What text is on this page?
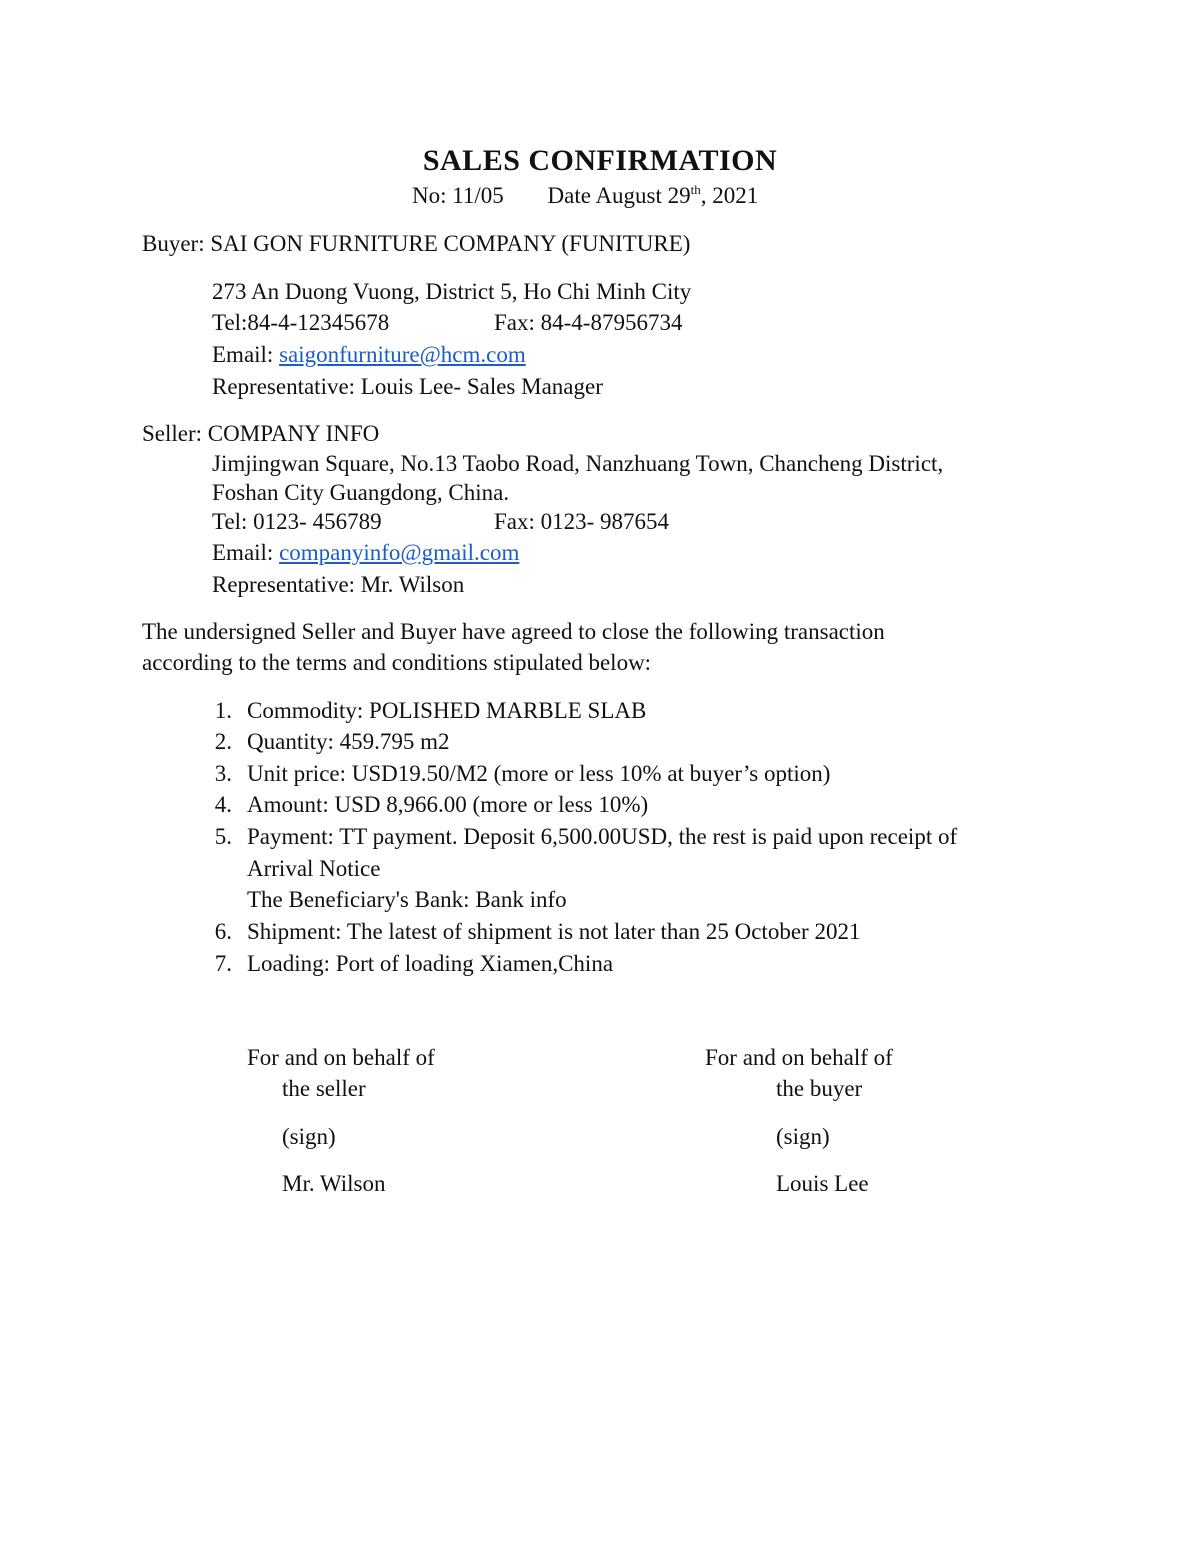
SALES CONFIRMATION
No: 11/05 Date August 29th, 2021
Buyer: SAI GON FURNITURE COMPANY (FUNITURE)
273 An Duong Vuong, District 5, Ho Chi Minh City
Tel:84-4-12345678	Fax: 84-4-87956734
Email: saigonfurniture@hcm.com
Representative: Louis Lee- Sales Manager
Seller: COMPANY INFO
Jimjingwan Square, No.13 Taobo Road, Nanzhuang Town, Chancheng District,
Foshan City Guangdong, China.
Tel: 0123- 456789	Fax: 0123- 987654
Email: companyinfo@gmail.com
Representative: Mr. Wilson
The undersigned Seller and Buyer have agreed to close the following transaction
according to the terms and conditions stipulated below:
1. Commodity: POLISHED MARBLE SLAB
2. Quantity: 459.795 m2
3. Unit price: USD19.50/M2 (more or less 10% at buyer’s option)
4. Amount: USD 8,966.00 (more or less 10%)
5. Payment: TT payment. Deposit 6,500.00USD, the rest is paid upon receipt of
Arrival Notice
The Beneficiary's Bank: Bank info
6. Shipment: The latest of shipment is not later than 25 October 2021
7. Loading: Port of loading Xiamen,China
For and on behalf of
the seller
(sign)
Mr. Wilson
For and on behalf of
the buyer
(sign)
Louis Lee
